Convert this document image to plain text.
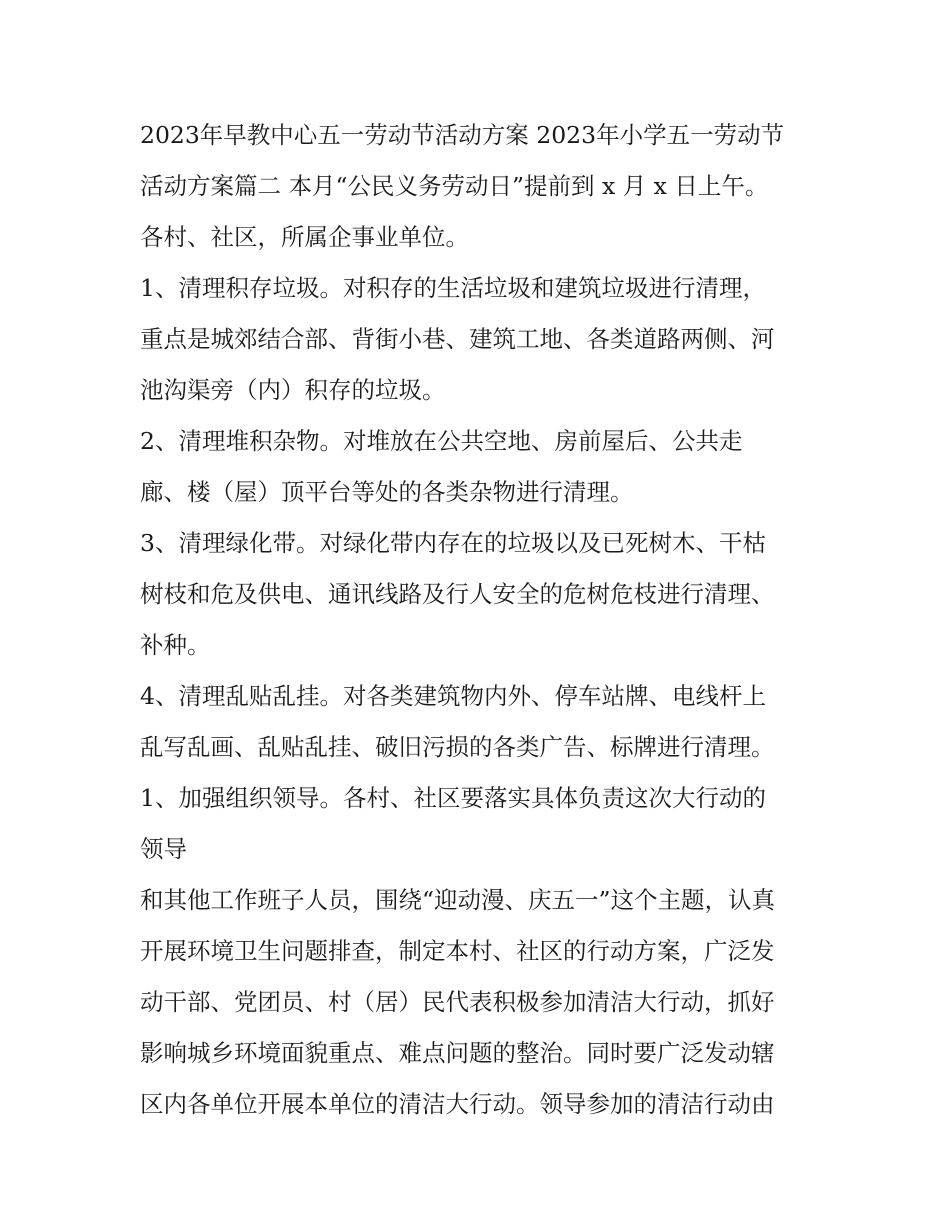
2023年早教中心五一劳动节活动方案 2023年小学五一劳动节

活动方案篇二 本月“公民义务劳动日”提前到 x 月 x 日上午。

各村、社区，所属企事业单位。

1、清理积存垃圾。对积存的生活垃圾和建筑垃圾进行清理，

重点是城郊结合部、背街小巷、建筑工地、各类道路两侧、河

池沟渠旁（内）积存的垃圾。

2、清理堆积杂物。对堆放在公共空地、房前屋后、公共走

廊、楼（屋）顶平台等处的各类杂物进行清理。

3、清理绿化带。对绿化带内存在的垃圾以及已死树木、干枯

树枝和危及供电、通讯线路及行人安全的危树危枝进行清理、

补种。

4、清理乱贴乱挂。对各类建筑物内外、停车站牌、电线杆上

乱写乱画、乱贴乱挂、破旧污损的各类广告、标牌进行清理。

1、加强组织领导。各村、社区要落实具体负责这次大行动的

领导

和其他工作班子人员，围绕“迎动漫、庆五一”这个主题，认真

开展环境卫生问题排查，制定本村、社区的行动方案，广泛发

动干部、党团员、村（居）民代表积极参加清洁大行动，抓好

影响城乡环境面貌重点、难点问题的整治。同时要广泛发动辖

区内各单位开展本单位的清洁大行动。领导参加的清洁行动由
